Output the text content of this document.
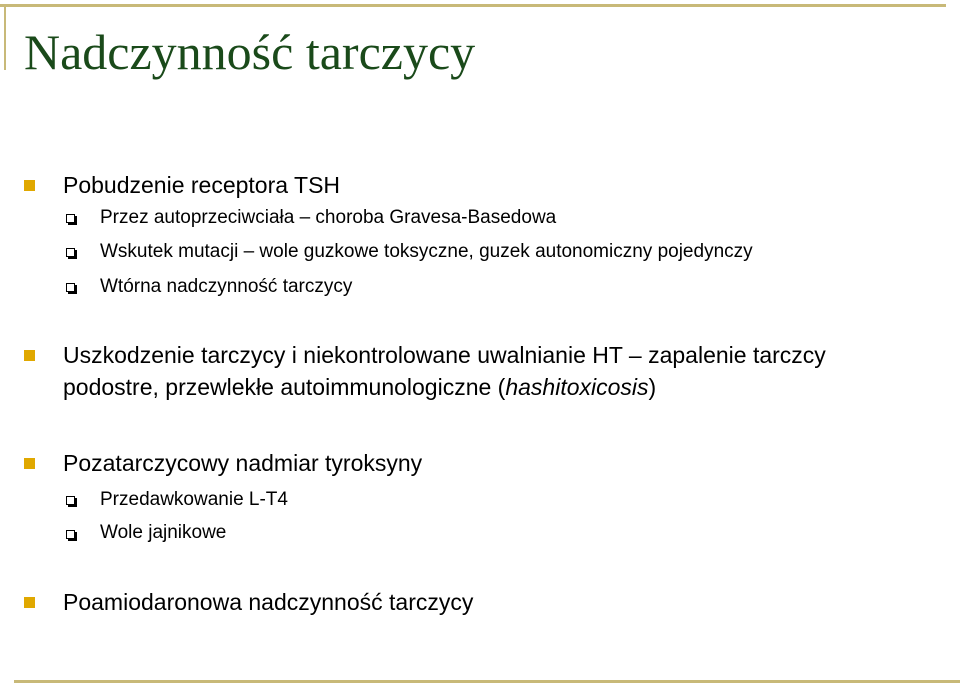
Nadczynność tarczycy
Pobudzenie receptora TSH
Przez autoprzeciwciała – choroba Gravesa-Basedowa
Wskutek mutacji – wole guzkowe toksyczne, guzek autonomiczny pojedynczy
Wtórna nadczynność tarczycy
Uszkodzenie tarczycy i niekontrolowane uwalnianie HT – zapalenie tarczcy
podostre, przewlekłe autoimmunologiczne (hashitoxicosis)
Pozatarczycowy nadmiar tyroksyny
Przedawkowanie L-T4
Wole jajnikowe
Poamiodaronowa nadczynność tarczycy
